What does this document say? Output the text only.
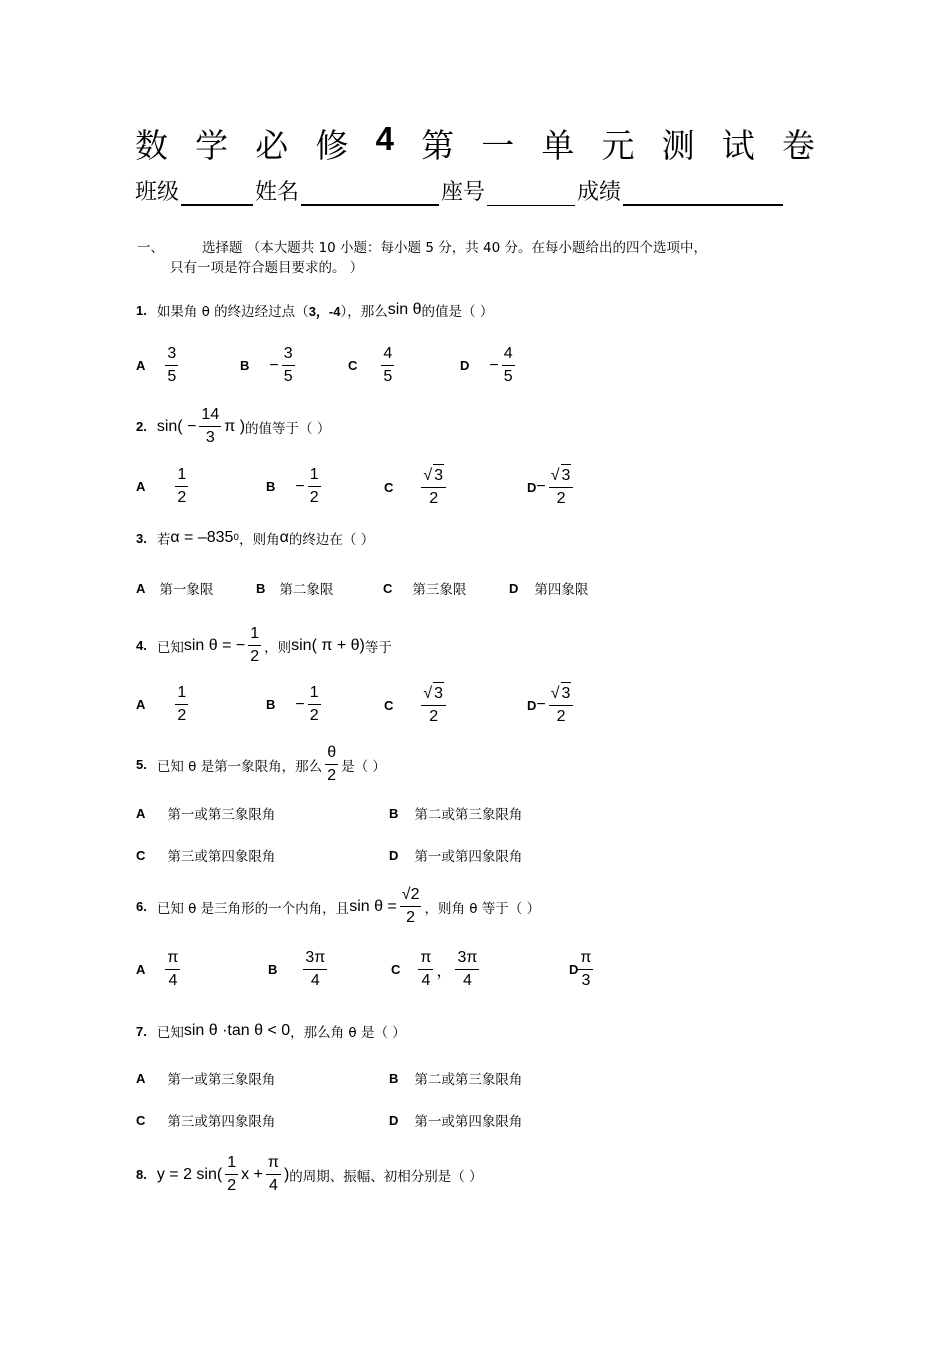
数 学 必 修 4 第 一 单 元 测 试 卷
班级	姓名	座号	成绩
一、	选择题 （本大题共 10 小题：每小题 5 分，共 40 分。在每小题给出的四个选项中，
只有一项是符合题目要求的。 ）
1. 如果角 θ 的终边经过点（ 3，-4 ），那么 sin θ 的值是（ ）
A $\frac{3}{5}$	$B - \frac{3}{5}$	C $\frac{4}{5}$	$D - \frac{4}{5}$
2. $\sin( - \frac{14}{3}$ π ) 的值等于（ ）
A $\frac{1}{2}$	$B - \frac{1}{2}$	C $\frac{√ 3}{2}$	$D - \frac{√ 3}{2}$
3. 若 α = –835 0 ，则角 α 的终边在（ ）
A 第一象限	B 第二象限	C 第三象限	D 第四象限
4. 已知 sin θ = − $\frac{1}{2}$ ，则 sin( π + θ) 等于
A $\frac{1}{2}$	$B - \frac{1}{2}$	C $\frac{√ 3}{2}$	$D - \frac{√ 3}{2}$
5. 已知 θ 是第一象限角，那么 $\frac{\theta}{2}$ 是（ ）
A 第一或第三象限角	B 第二或第三象限角
C 第三或第四象限角	D 第一或第四象限角
6. 已知 θ 是三角形的一个内角，且 $\sin \theta = \frac{√2}{2}$ ，则角 θ 等于（ ）
A $\frac{\pi}{4}$	B $\frac{3\pi}{4}$	C $\frac{\pi}{4}$ ， $\frac{3\pi}{4}$	D $\frac{\pi}{3}$
7. 已知 sin θ ·tan θ < 0 ，那么角 θ 是（ ）
A 第一或第三象限角	B 第二或第三象限角
C 第三或第四象限角	D 第一或第四象限角
8. y = 2 $\sin( \frac{1}{2}$ $x + \frac{\pi}{4}$ ) 的周期、振幅、初相分别是（ ）
